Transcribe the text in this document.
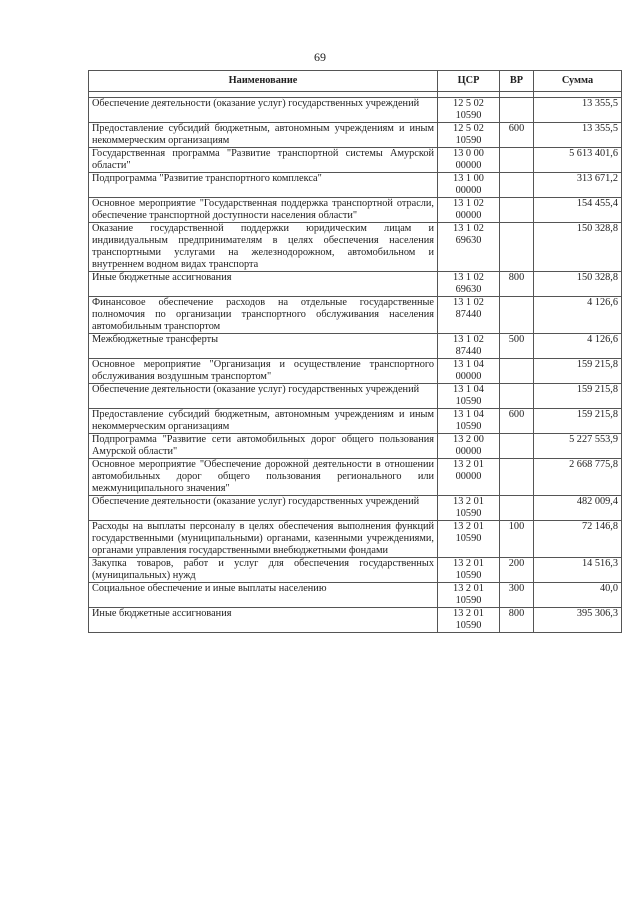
69
Наименование	ЦСР	ВР	Сумма

Обеспечение деятельности (оказание услуг) государственных учреждений	12 5 02 10590		13 355,5
Предоставление субсидий бюджетным, автономным учреждениям и иным некоммерческим организациям	12 5 02 10590	600	13 355,5
Государственная программа "Развитие транспортной системы Амурской области"	13 0 00 00000		5 613 401,6
Подпрограмма "Развитие транспортного комплекса"	13 1 00 00000		313 671,2
Основное мероприятие "Государственная поддержка транспортной отрасли, обеспечение транспортной доступности населения области"	13 1 02 00000		154 455,4
Оказание государственной поддержки юридическим лицам и индивидуальным предпринимателям в целях обеспечения населения транспортными услугами на железнодорожном, автомобильном и внутреннем водном видах транспорта	13 1 02 69630		150 328,8
Иные бюджетные ассигнования	13 1 02 69630	800	150 328,8
Финансовое обеспечение расходов на отдельные государственные полномочия по организации транспортного обслуживания населения автомобильным транспортом	13 1 02 87440		4 126,6
Межбюджетные трансферты	13 1 02 87440	500	4 126,6
Основное мероприятие "Организация и осуществление транспортного обслуживания воздушным транспортом"	13 1 04 00000		159 215,8
Обеспечение деятельности (оказание услуг) государственных учреждений	13 1 04 10590		159 215,8
Предоставление субсидий бюджетным, автономным учреждениям и иным некоммерческим организациям	13 1 04 10590	600	159 215,8
Подпрограмма "Развитие сети автомобильных дорог общего пользования Амурской области"	13 2 00 00000		5 227 553,9
Основное мероприятие "Обеспечение дорожной деятельности в отношении автомобильных дорог общего пользования регионального или межмуниципального значения"	13 2 01 00000		2 668 775,8
Обеспечение деятельности (оказание услуг) государственных учреждений	13 2 01 10590		482 009,4
Расходы на выплаты персоналу в целях обеспечения выполнения функций государственными (муниципальными) органами, казенными учреждениями, органами управления государственными внебюджетными фондами	13 2 01 10590	100	72 146,8
Закупка товаров, работ и услуг для обеспечения государственных (муниципальных) нужд	13 2 01 10590	200	14 516,3
Социальное обеспечение и иные выплаты населению	13 2 01 10590	300	40,0
Иные бюджетные ассигнования	13 2 01 10590	800	395 306,3
